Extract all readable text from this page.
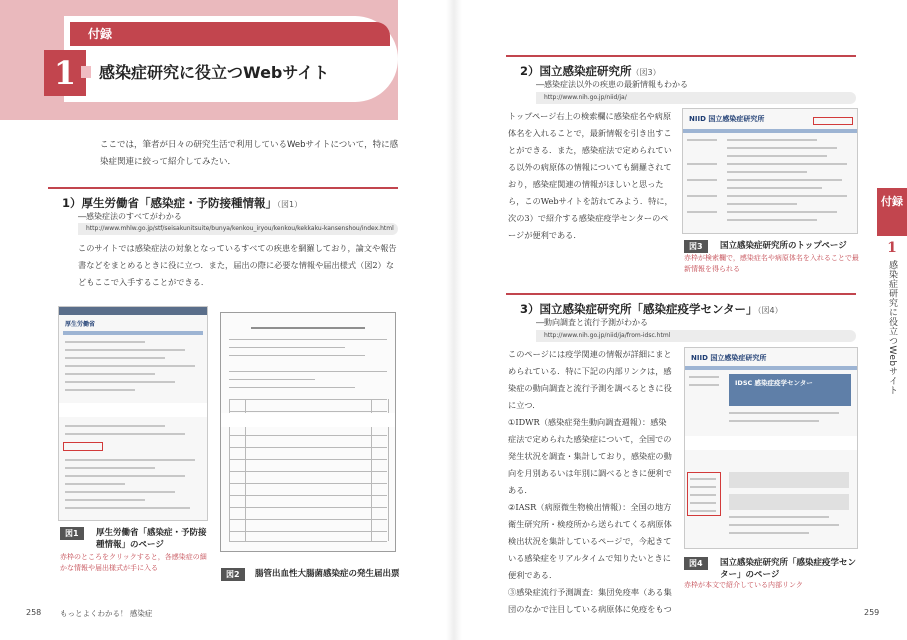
付録
1	感染症研究に役立つWebサイト
ここでは，筆者が日々の研究生活で利用しているWebサイトについて，特に感染症関連に絞って紹介してみたい．
1）厚生労働省「感染症・予防接種情報」（図1）
―感染症法のすべてがわかる
http://www.mhlw.go.jp/stf/seisakunitsuite/bunya/kenkou_iryou/kenkou/kekkaku-kansenshou/index.html
このサイトでは感染症法の対象となっているすべての疾患を網羅しており，論文や報告書などをまとめるときに役に立つ．また，届出の際に必要な情報や届出様式（図2）などもここで入手することができる．
厚生労働省
図1	厚生労働省「感染症・予防接種情報」のページ
赤枠のところをクリックすると，各感染症の細かな情報や届出様式が手に入る
図2	腸管出血性大腸菌感染症の発生届出票
258 もっとよくわかる！ 感染症
2）国立感染症研究所（図3）
―感染症法以外の疾患の最新情報もわかる
http://www.nih.go.jp/niid/ja/
トップページ右上の検索欄に感染症名や病原体名を入れることで，最新情報を引き出すことができる．また，感染症法で定められている以外の病原体の情報についても網羅されており，感染症関連の情報がほしいと思ったら，このWebサイトを訪れてみよう．特に，次の3）で紹介する感染症疫学センターのページが便利である．
NIID 国立感染症研究所
図3	国立感染症研究所のトップページ
赤枠が検索欄で，感染症名や病原体名を入れることで最新情報を得られる
3）国立感染症研究所「感染症疫学センター」（図4）
―動向調査と流行予測がわかる
http://www.nih.go.jp/niid/ja/from-idsc.html
このページには疫学関連の情報が詳細にまとめられている．特に下記の内部リンクは，感染症の動向調査と流行予測を調べるときに役に立つ．
①IDWR（感染症発生動向調査週報）：感染症法で定められた感染症について，全国での発生状況を調査・集計しており，感染症の動向を月別あるいは年別に調べるときに便利である．
②IASR（病原微生物検出情報）：全国の地方衛生研究所・検疫所から送られてくる病原体検出状況を集計しているページで，今起きている感染症をリアルタイムで知りたいときに便利である．
③感染症流行予測調査：集団免疫率（ある集団のなかで注目している病原体に免疫をもつ
NIID 国立感染症研究所
IDSC 感染症疫学センター
図4	国立感染症研究所「感染症疫学センター」のページ
赤枠が本文で紹介している内部リンク
付録
1
感染症研究に役立つWebサイト
259
